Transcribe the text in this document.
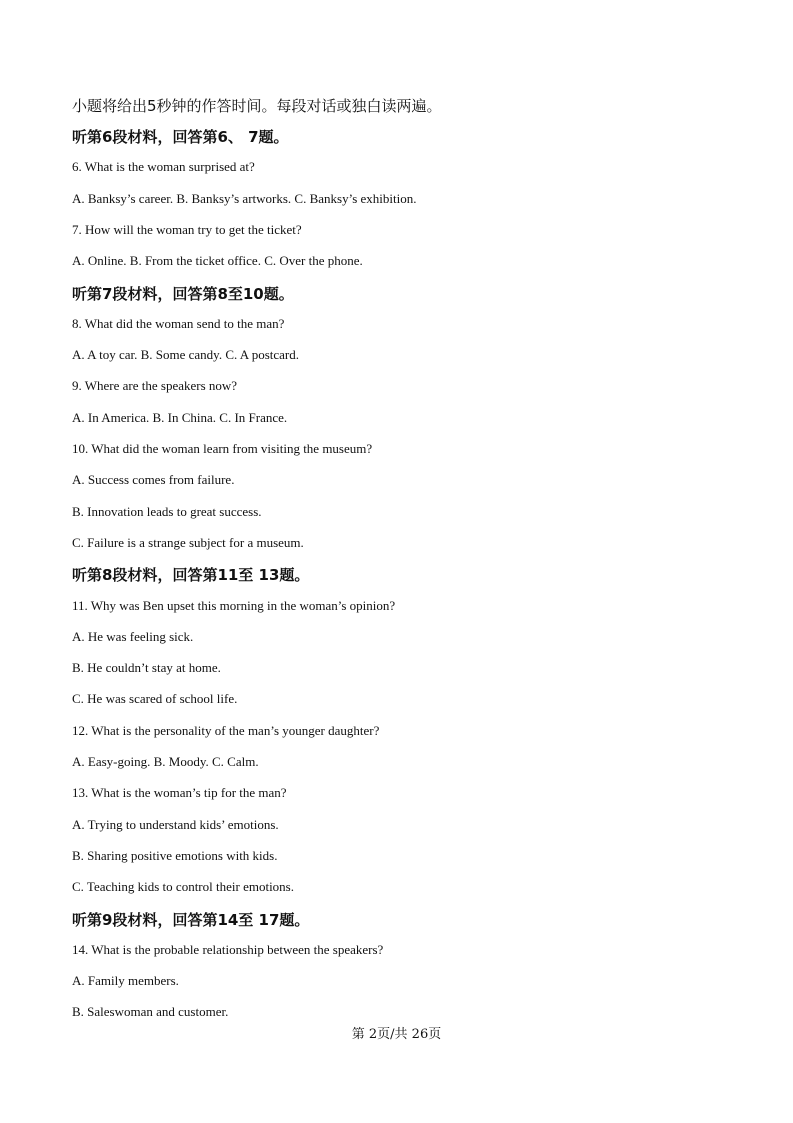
小题将给出5秒钟的作答时间。每段对话或独白读两遍。
听第6段材料，回答第6、 7题。
6. What is the woman surprised at?
A. Banksy’s career. B. Banksy’s artworks. C. Banksy’s exhibition.
7. How will the woman try to get the ticket?
A. Online. B. From the ticket office. C. Over the phone.
听第7段材料，回答第8至10题。
8. What did the woman send to the man?
A. A toy car. B. Some candy. C. A postcard.
9. Where are the speakers now?
A. In America. B. In China. C. In France.
10. What did the woman learn from visiting the museum?
A. Success comes from failure.
B. Innovation leads to great success.
C. Failure is a strange subject for a museum.
听第8段材料，回答第11至 13题。
11. Why was Ben upset this morning in the woman’s opinion?
A. He was feeling sick.
B. He couldn’t stay at home.
C. He was scared of school life.
12. What is the personality of the man’s younger daughter?
A. Easy-going. B. Moody. C. Calm.
13. What is the woman’s tip for the man?
A. Trying to understand kids’ emotions.
B. Sharing positive emotions with kids.
C. Teaching kids to control their emotions.
听第9段材料，回答第14至 17题。
14. What is the probable relationship between the speakers?
A. Family members.
B. Saleswoman and customer.
第 2页/共 26页
